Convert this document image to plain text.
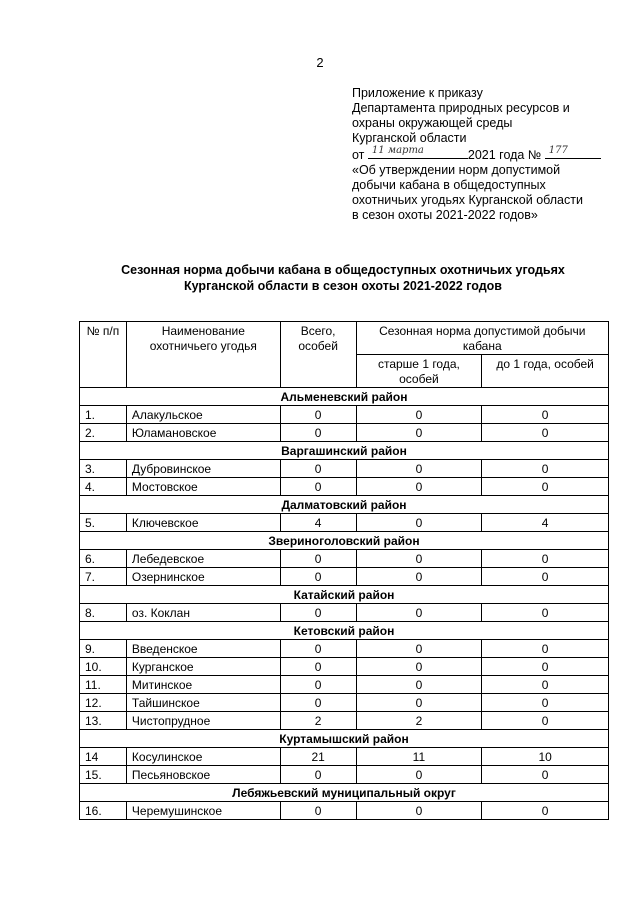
2
Приложение к приказу
Департамента природных ресурсов и
охраны окружающей среды
Курганской области
от 11 марта	2021 года № 177
«Об утверждении норм допустимой
добычи кабана в общедоступных
охотничьих угодьях Курганской области
в сезон охоты 2021-2022 годов»
Сезонная норма добычи кабана в общедоступных охотничьих угодьях
Курганской области в сезон охоты 2021-2022 годов
№ п/п	Наименование охотничьего угодья	Всего, особей	Сезонная норма допустимой добычи кабана	
			старше 1 года, особей	до 1 года, особей
Альменевский район				
1.	Алакульское	0	0	0
2.	Юламановское	0	0	0
Варгашинский район				
3.	Дубровинское	0	0	0
4.	Мостовское	0	0	0
Далматовский район				
5.	Ключевское	4	0	4
Звериноголовский район				
6.	Лебедевское	0	0	0
7.	Озернинское	0	0	0
Катайский район				
8.	оз. Коклан	0	0	0
Кетовский район				
9.	Введенское	0	0	0
10.	Курганское	0	0	0
11.	Митинское	0	0	0
12.	Тайшинское	0	0	0
13.	Чистопрудное	2	2	0
Куртамышский район				
14	Косулинское	21	11	10
15.	Песьяновское	0	0	0
Лебяжьевский муниципальный округ				
16.	Черемушинское	0	0	0
